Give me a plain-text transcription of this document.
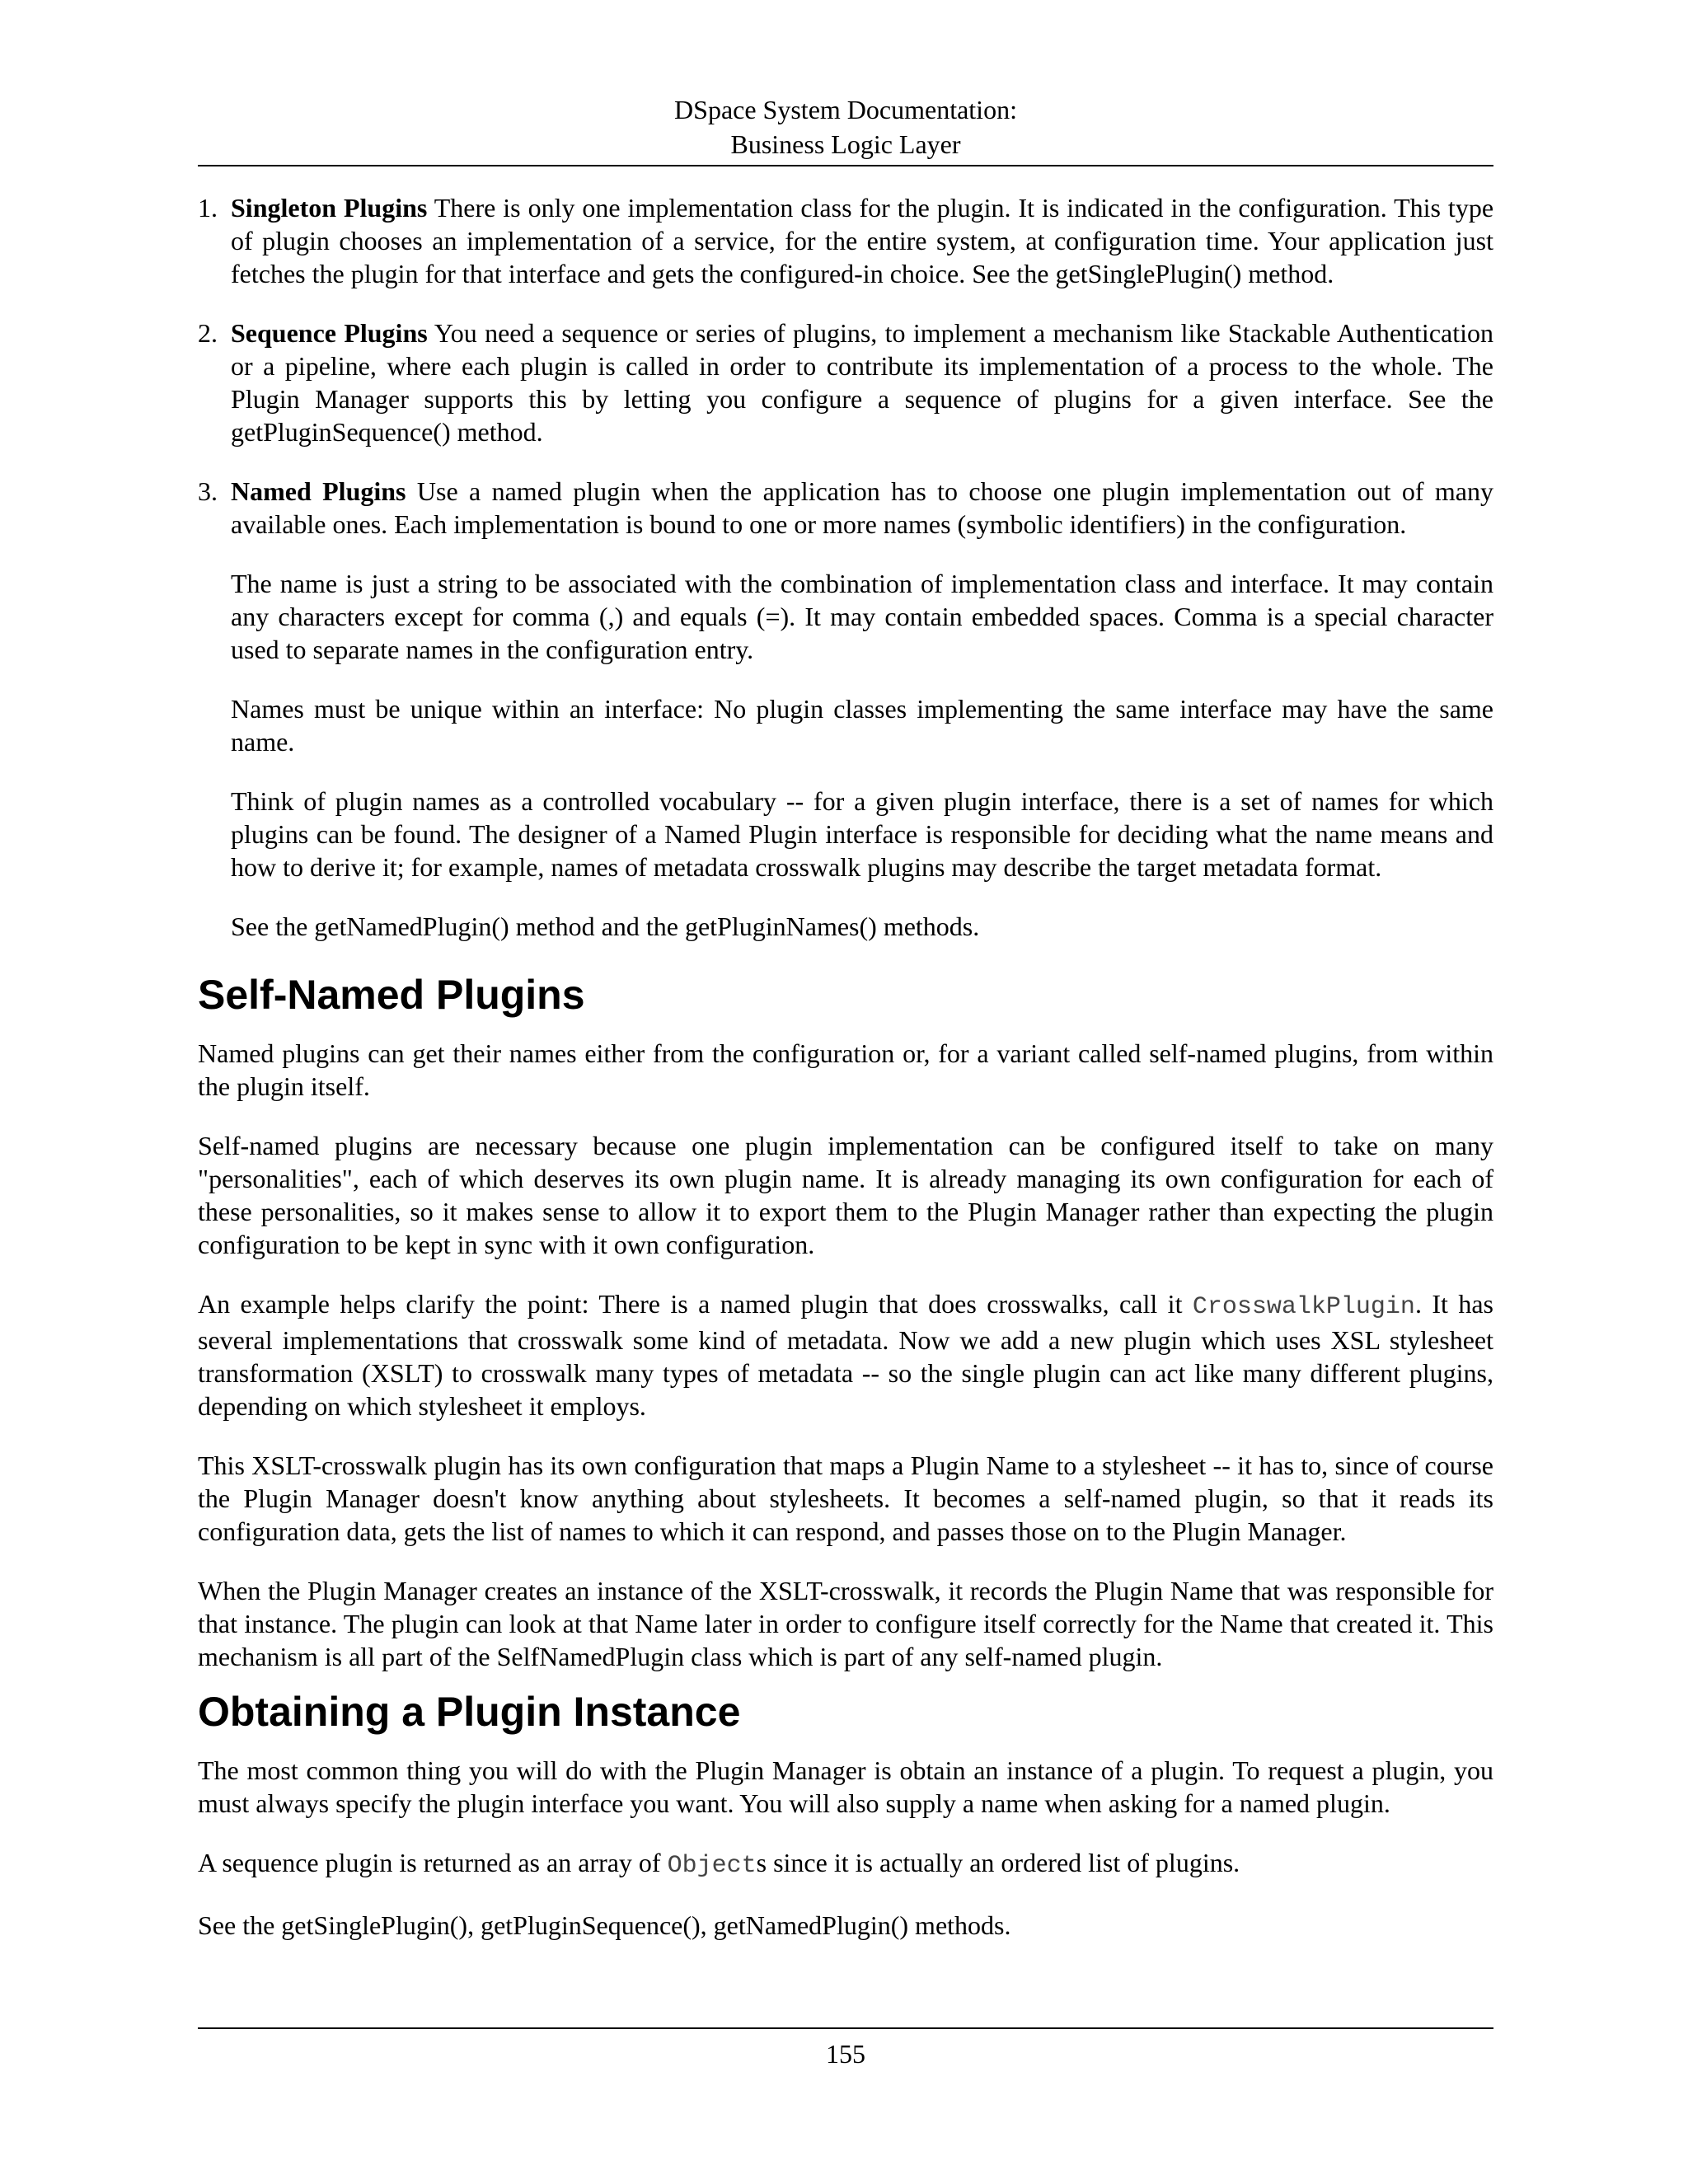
DSpace System Documentation:
Business Logic Layer
1. Singleton Plugins There is only one implementation class for the plugin. It is indicated in the configuration. This type of plugin chooses an implementation of a service, for the entire system, at configuration time. Your application just fetches the plugin for that interface and gets the configured-in choice. See the getSinglePlugin() method.

2. Sequence Plugins You need a sequence or series of plugins, to implement a mechanism like Stackable Authentication or a pipeline, where each plugin is called in order to contribute its implementation of a process to the whole. The Plugin Manager supports this by letting you configure a sequence of plugins for a given interface. See the getPluginSequence() method.

3. Named Plugins Use a named plugin when the application has to choose one plugin implementation out of many available ones. Each implementation is bound to one or more names (symbolic identifiers) in the configuration.

The name is just a string to be associated with the combination of implementation class and interface. It may contain any characters except for comma (,) and equals (=). It may contain embedded spaces. Comma is a special character used to separate names in the configuration entry.

Names must be unique within an interface: No plugin classes implementing the same interface may have the same name.

Think of plugin names as a controlled vocabulary -- for a given plugin interface, there is a set of names for which plugins can be found. The designer of a Named Plugin interface is responsible for deciding what the name means and how to derive it; for example, names of metadata crosswalk plugins may describe the target metadata format.

See the getNamedPlugin() method and the getPluginNames() methods.

Self-Named Plugins

Named plugins can get their names either from the configuration or, for a variant called self-named plugins, from within the plugin itself.

Self-named plugins are necessary because one plugin implementation can be configured itself to take on many "personalities", each of which deserves its own plugin name. It is already managing its own configuration for each of these personalities, so it makes sense to allow it to export them to the Plugin Manager rather than expecting the plugin configuration to be kept in sync with it own configuration.

An example helps clarify the point: There is a named plugin that does crosswalks, call it CrosswalkPlugin. It has several implementations that crosswalk some kind of metadata. Now we add a new plugin which uses XSL stylesheet transformation (XSLT) to crosswalk many types of metadata -- so the single plugin can act like many different plugins, depending on which stylesheet it employs.

This XSLT-crosswalk plugin has its own configuration that maps a Plugin Name to a stylesheet -- it has to, since of course the Plugin Manager doesn't know anything about stylesheets. It becomes a self-named plugin, so that it reads its configuration data, gets the list of names to which it can respond, and passes those on to the Plugin Manager.

When the Plugin Manager creates an instance of the XSLT-crosswalk, it records the Plugin Name that was responsible for that instance. The plugin can look at that Name later in order to configure itself correctly for the Name that created it. This mechanism is all part of the SelfNamedPlugin class which is part of any self-named plugin.

Obtaining a Plugin Instance

The most common thing you will do with the Plugin Manager is obtain an instance of a plugin. To request a plugin, you must always specify the plugin interface you want. You will also supply a name when asking for a named plugin.

A sequence plugin is returned as an array of Objects since it is actually an ordered list of plugins.

See the getSinglePlugin(), getPluginSequence(), getNamedPlugin() methods.

155
